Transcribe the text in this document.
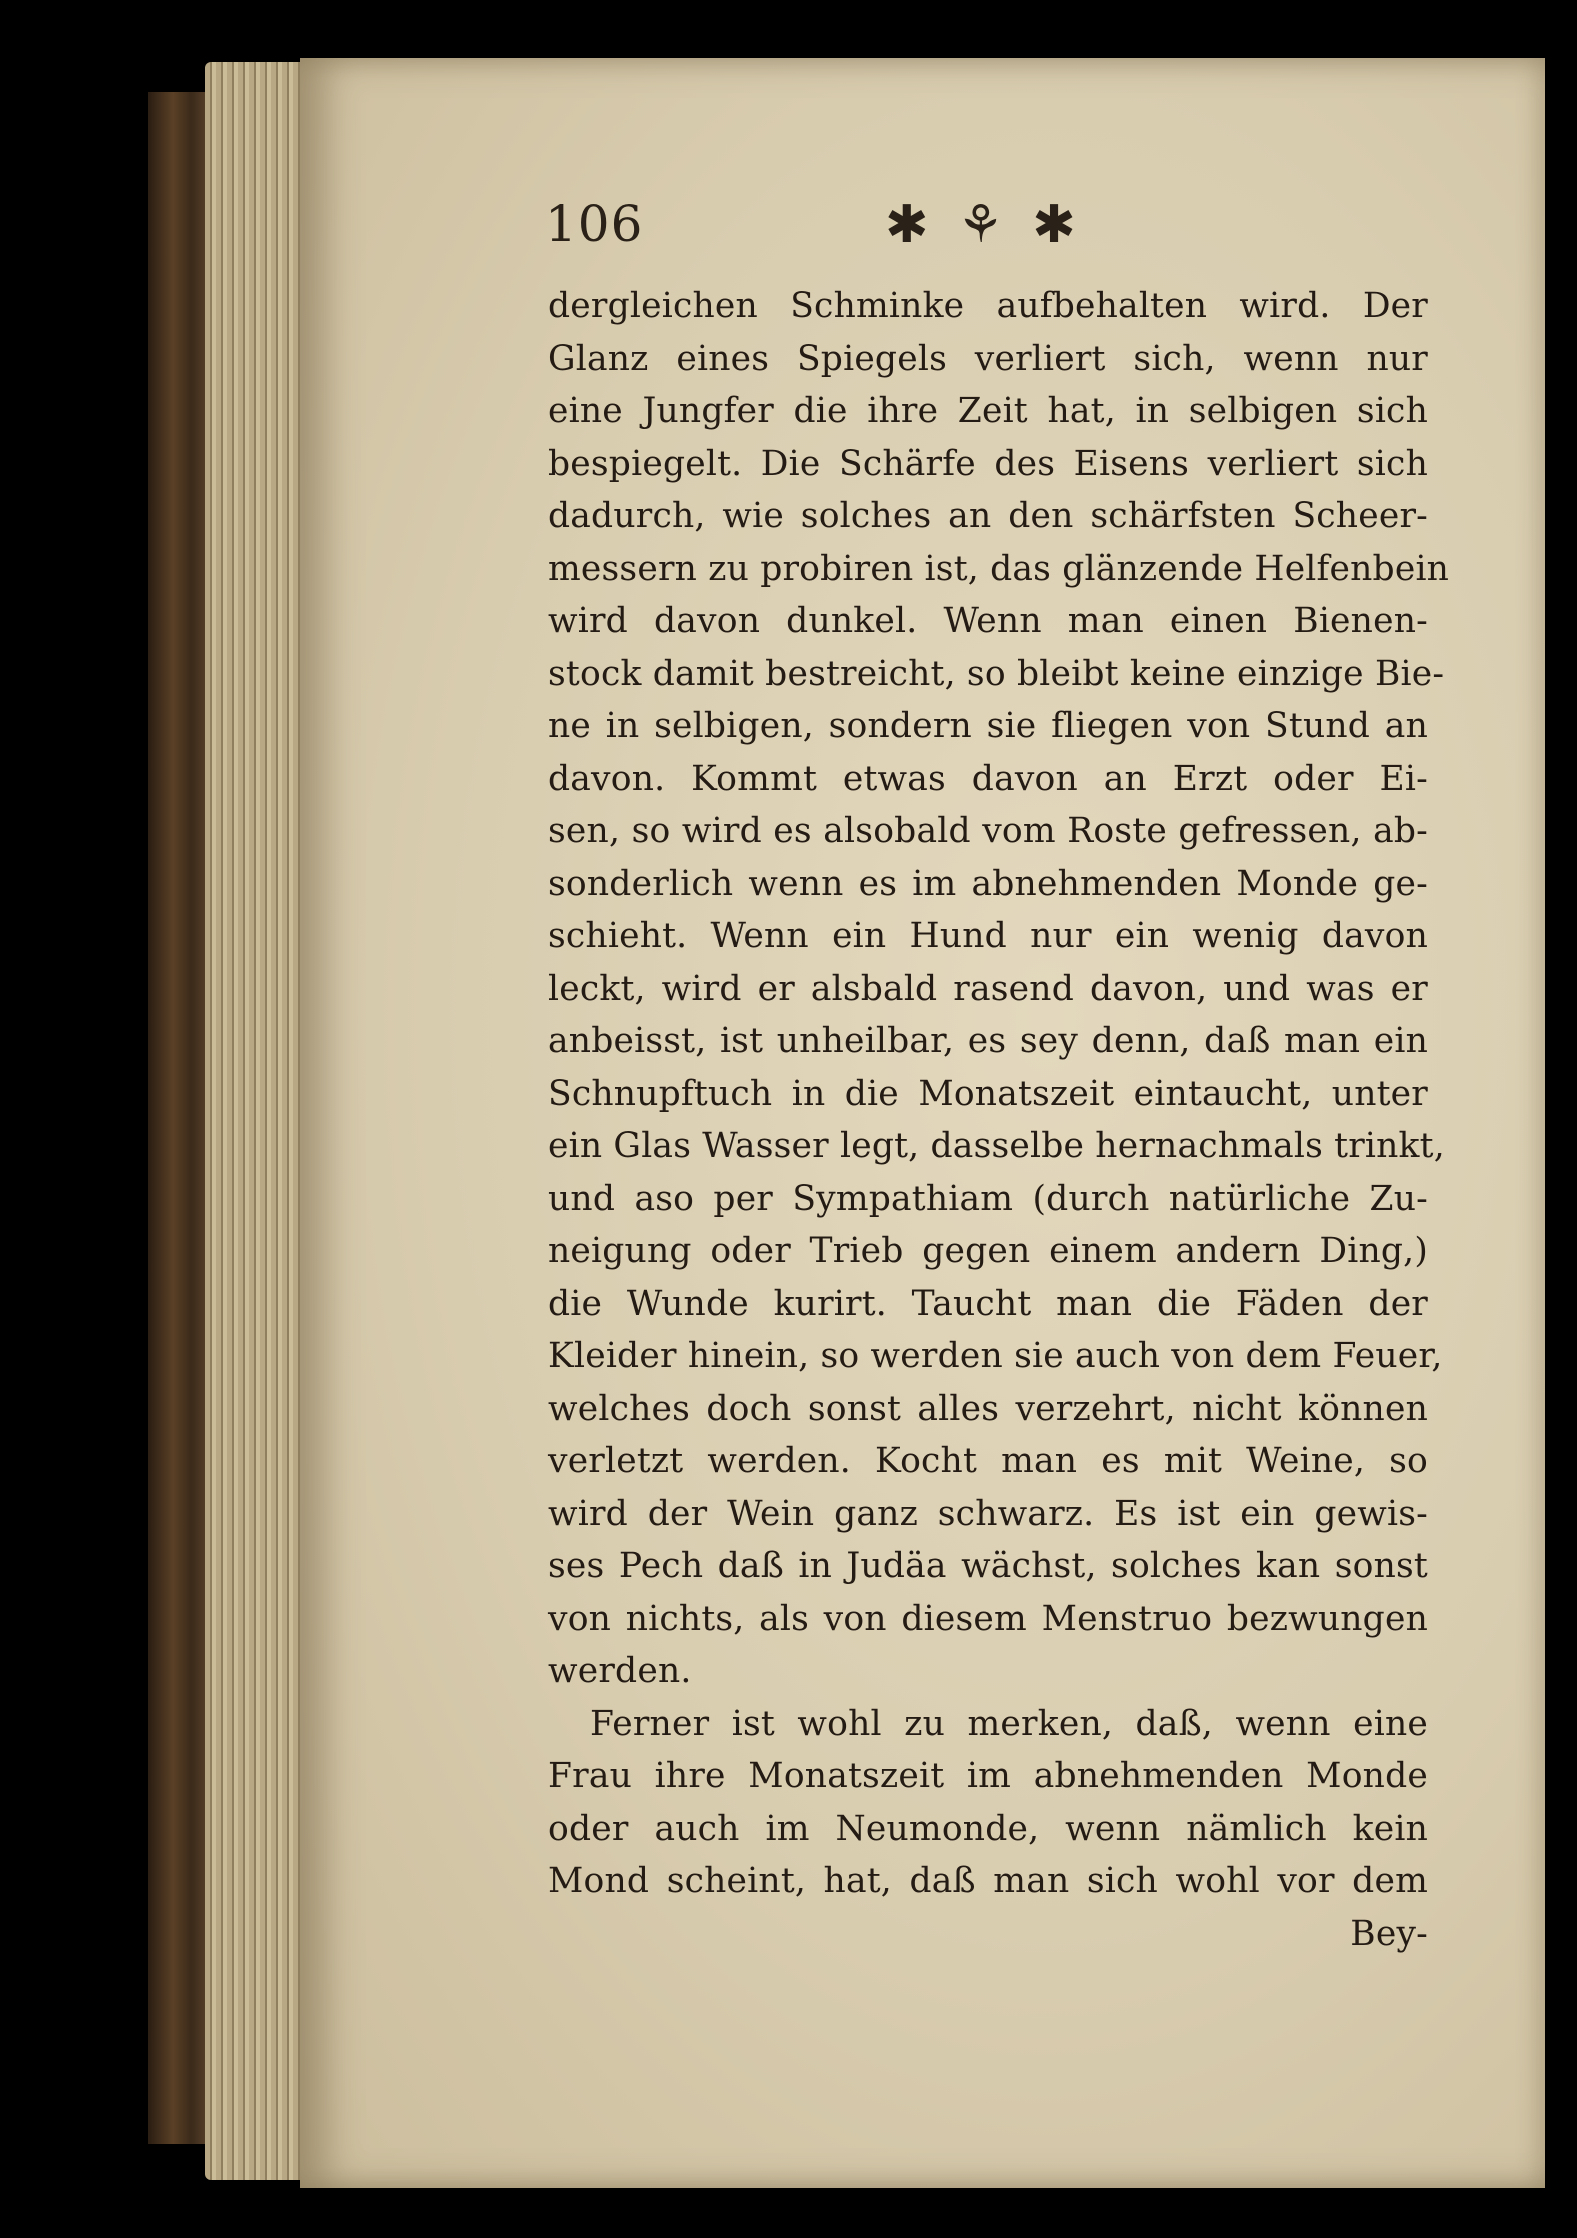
106	✱ ⚘ ✱
dergleichen Schminke aufbehalten wird. Der
Glanz eines Spiegels verliert sich, wenn nur
eine Jungfer die ihre Zeit hat, in selbigen sich
bespiegelt. Die Schärfe des Eisens verliert sich
dadurch, wie solches an den schärfsten Scheer-
messern zu probiren ist, das glänzende Helfenbein
wird davon dunkel. Wenn man einen Bienen-
stock damit bestreicht, so bleibt keine einzige Bie-
ne in selbigen, sondern sie fliegen von Stund an
davon. Kommt etwas davon an Erzt oder Ei-
sen, so wird es alsobald vom Roste gefressen, ab-
sonderlich wenn es im abnehmenden Monde ge-
schieht. Wenn ein Hund nur ein wenig davon
leckt, wird er alsbald rasend davon, und was er
anbeisst, ist unheilbar, es sey denn, daß man ein
Schnupftuch in die Monatszeit eintaucht, unter
ein Glas Wasser legt, dasselbe hernachmals trinkt,
und aso per Sympathiam (durch natürliche Zu-
neigung oder Trieb gegen einem andern Ding,)
die Wunde kurirt. Taucht man die Fäden der
Kleider hinein, so werden sie auch von dem Feuer,
welches doch sonst alles verzehrt, nicht können
verletzt werden. Kocht man es mit Weine, so
wird der Wein ganz schwarz. Es ist ein gewis-
ses Pech daß in Judäa wächst, solches kan sonst
von nichts, als von diesem Menstruo bezwungen
werden.
Ferner ist wohl zu merken, daß, wenn eine
Frau ihre Monatszeit im abnehmenden Monde
oder auch im Neumonde, wenn nämlich kein
Mond scheint, hat, daß man sich wohl vor dem
Bey-
